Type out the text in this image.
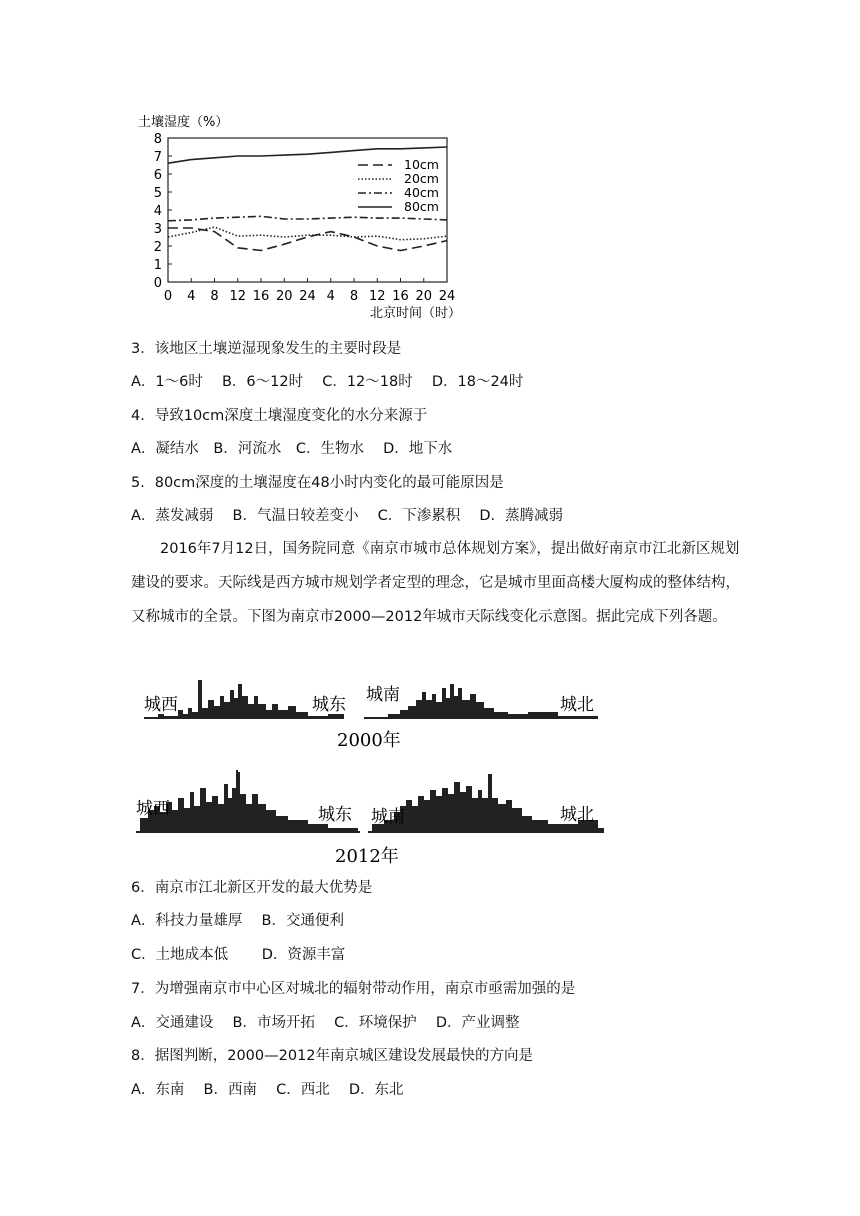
土壤湿度（%）
0
1
2
3
4
5
6
7
8
0 4 8 12 16 20 24 4 8 12 16 20 24
10cm
20cm
40cm
80cm
北京时间（时）
3．该地区土壤逆湿现象发生的主要时段是
A．1～6时　 B．6～12时　 C．12～18时　 D．18～24时
4．导致10cm深度土壤湿度变化的水分来源于
A．凝结水　B．河流水　C．生物水　 D．地下水
5．80cm深度的土壤湿度在48小时内变化的最可能原因是
A．蒸发减弱　 B．气温日较差变小　 C．下渗累积　 D．蒸腾减弱
2016年7月12日，国务院同意《南京市城市总体规划方案》，提出做好南京市江北新区规划建设的要求。天际线是西方城市规划学者定型的理念，它是城市里面高楼大厦构成的整体结构，又称城市的全景。下图为南京市2000—2012年城市天际线变化示意图。据此完成下列各题。
城西	城东 城南	城北
2000年
城西	城东 城南	城北
2012年
6．南京市江北新区开发的最大优势是
A．科技力量雄厚　 B．交通便利
C．土地成本低　　 D．资源丰富
7．为增强南京市中心区对城北的辐射带动作用，南京市亟需加强的是
A．交通建设　 B．市场开拓　 C．环境保护　 D．产业调整
8．据图判断，2000—2012年南京城区建设发展最快的方向是
A．东南　 B．西南　 C．西北　 D．东北
